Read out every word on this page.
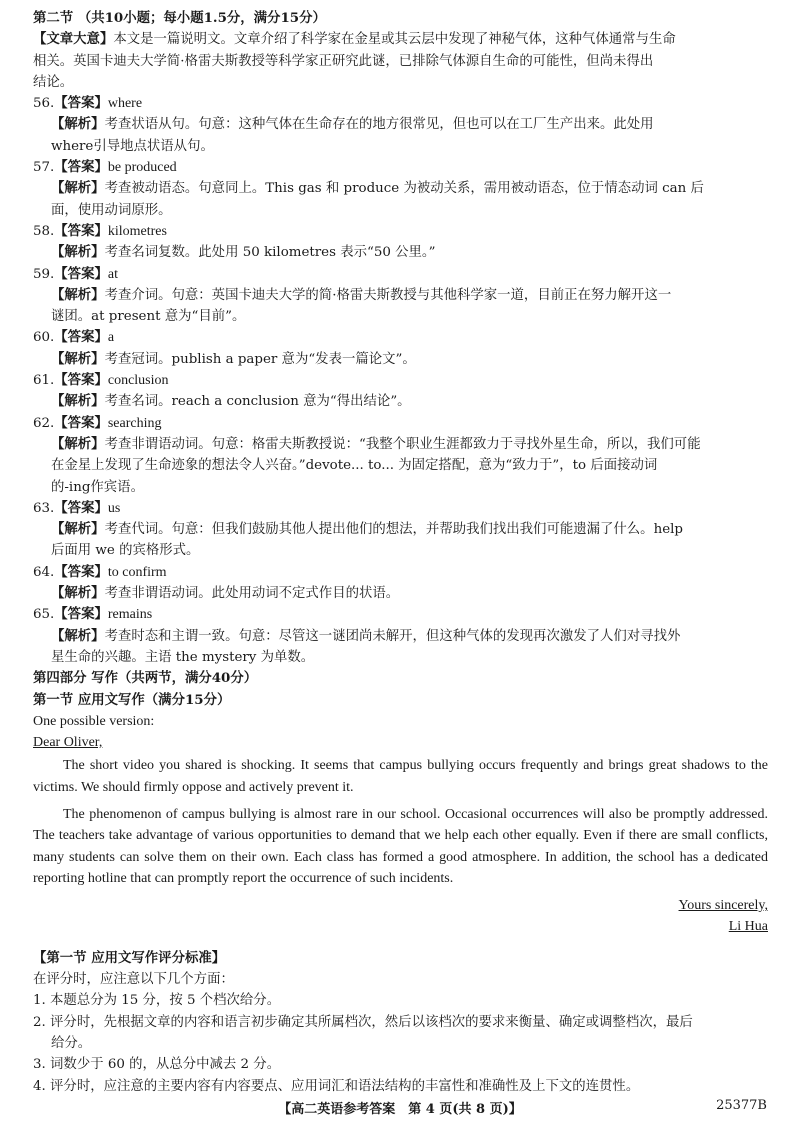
第二节 （共10小题；每小题1.5分，满分15分）
【文章大意】本文是一篇说明文。文章介绍了科学家在金星或其云层中发现了神秘气体，这种气体通常与生命
相关。英国卡迪夫大学简·格雷夫斯教授等科学家正研究此谜，已排除气体源自生命的可能性，但尚未得出
结论。
56.【答案】where
【解析】考查状语从句。句意：这种气体在生命存在的地方很常见，但也可以在工厂生产出来。此处用
where引导地点状语从句。
57.【答案】be produced
【解析】考查被动语态。句意同上。This gas 和 produce 为被动关系，需用被动语态，位于情态动词 can 后
面，使用动词原形。
58.【答案】kilometres
【解析】考查名词复数。此处用 50 kilometres 表示“50 公里。”
59.【答案】at
【解析】考查介词。句意：英国卡迪夫大学的简·格雷夫斯教授与其他科学家一道，目前正在努力解开这一
谜团。at present 意为“目前”。
60.【答案】a
【解析】考查冠词。publish a paper 意为“发表一篇论文”。
61.【答案】conclusion
【解析】考查名词。reach a conclusion 意为“得出结论”。
62.【答案】searching
【解析】考查非谓语动词。句意：格雷夫斯教授说：“我整个职业生涯都致力于寻找外星生命，所以，我们可能
在金星上发现了生命迹象的想法令人兴奋。”devote... to... 为固定搭配，意为“致力于”，to 后面接动词
的-ing作宾语。
63.【答案】us
【解析】考查代词。句意：但我们鼓励其他人提出他们的想法，并帮助我们找出我们可能遗漏了什么。help
后面用 we 的宾格形式。
64.【答案】to confirm
【解析】考查非谓语动词。此处用动词不定式作目的状语。
65.【答案】remains
【解析】考查时态和主谓一致。句意：尽管这一谜团尚未解开，但这种气体的发现再次激发了人们对寻找外
星生命的兴趣。主语 the mystery 为单数。
第四部分 写作（共两节，满分40分）
第一节 应用文写作（满分15分）
One possible version:
Dear Oliver,
The short video you shared is shocking. It seems that campus bullying occurs frequently and brings great shadows to the victims. We should firmly oppose and actively prevent it.
The phenomenon of campus bullying is almost rare in our school. Occasional occurrences will also be promptly addressed. The teachers take advantage of various opportunities to demand that we help each other equally. Even if there are small conflicts, many students can solve them on their own. Each class has formed a good atmosphere. In addition, the school has a dedicated reporting hotline that can promptly report the occurrence of such incidents.
Yours sincerely,
Li Hua
【第一节 应用文写作评分标准】
在评分时，应注意以下几个方面：
1. 本题总分为 15 分，按 5 个档次给分。
2. 评分时，先根据文章的内容和语言初步确定其所属档次，然后以该档次的要求来衡量、确定或调整档次，最后
给分。
3. 词数少于 60 的，从总分中减去 2 分。
4. 评分时，应注意的主要内容有内容要点、应用词汇和语法结构的丰富性和准确性及上下文的连贯性。
【高二英语参考答案　第 4 页(共 8 页)】	25377B
